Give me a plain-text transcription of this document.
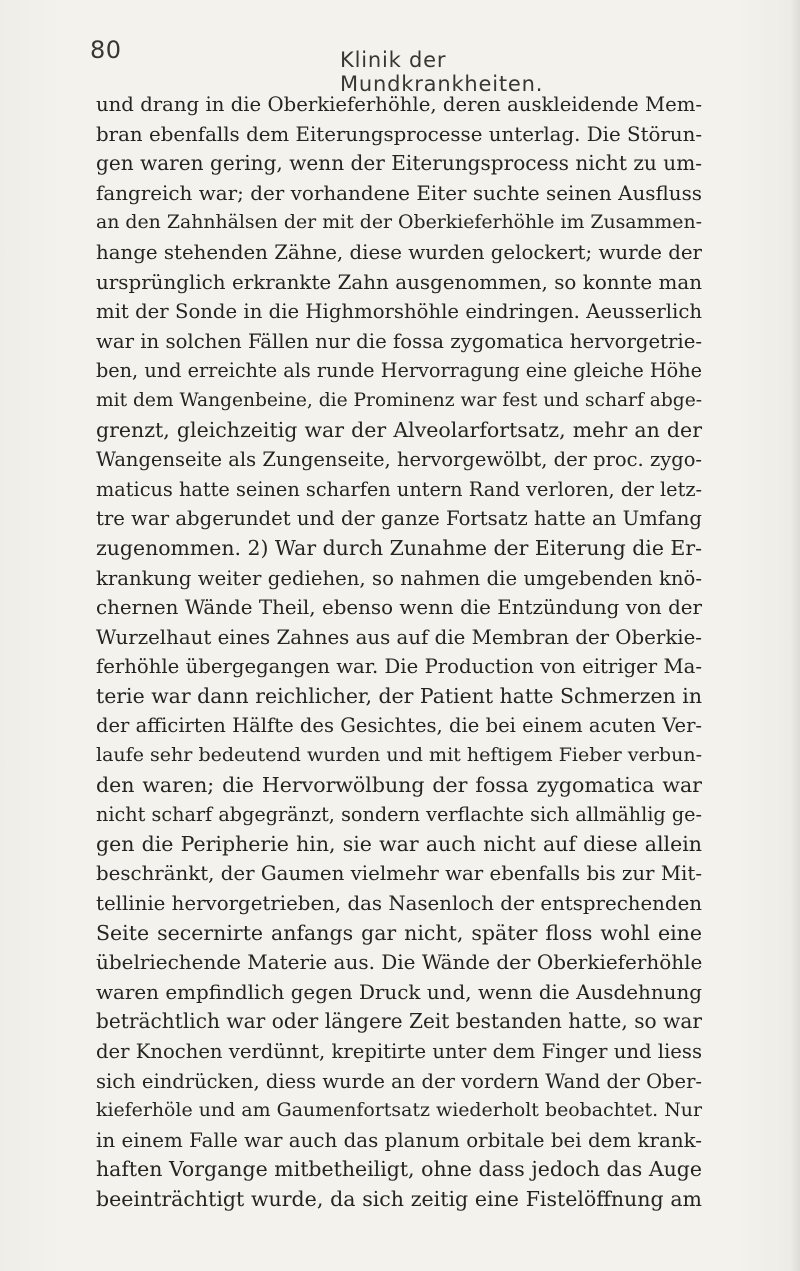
80	Klinik der Mundkrankheiten.
und drang in die Oberkieferhöhle, deren auskleidende Mem-
bran ebenfalls dem Eiterungsprocesse unterlag. Die Störun-
gen waren gering, wenn der Eiterungsprocess nicht zu um-
fangreich war; der vorhandene Eiter suchte seinen Ausfluss
an den Zahnhälsen der mit der Oberkieferhöhle im Zusammen-
hange stehenden Zähne, diese wurden gelockert; wurde der
ursprünglich erkrankte Zahn ausgenommen, so konnte man
mit der Sonde in die Highmorshöhle eindringen. Aeusserlich
war in solchen Fällen nur die fossa zygomatica hervorgetrie-
ben, und erreichte als runde Hervorragung eine gleiche Höhe
mit dem Wangenbeine, die Prominenz war fest und scharf abge-
grenzt, gleichzeitig war der Alveolarfortsatz, mehr an der
Wangenseite als Zungenseite, hervorgewölbt, der proc. zygo-
maticus hatte seinen scharfen untern Rand verloren, der letz-
tre war abgerundet und der ganze Fortsatz hatte an Umfang
zugenommen. 2) War durch Zunahme der Eiterung die Er-
krankung weiter gediehen, so nahmen die umgebenden knö-
chernen Wände Theil, ebenso wenn die Entzündung von der
Wurzelhaut eines Zahnes aus auf die Membran der Oberkie-
ferhöhle übergegangen war. Die Production von eitriger Ma-
terie war dann reichlicher, der Patient hatte Schmerzen in
der afficirten Hälfte des Gesichtes, die bei einem acuten Ver-
laufe sehr bedeutend wurden und mit heftigem Fieber verbun-
den waren; die Hervorwölbung der fossa zygomatica war
nicht scharf abgegränzt, sondern verflachte sich allmählig ge-
gen die Peripherie hin, sie war auch nicht auf diese allein
beschränkt, der Gaumen vielmehr war ebenfalls bis zur Mit-
tellinie hervorgetrieben, das Nasenloch der entsprechenden
Seite secernirte anfangs gar nicht, später floss wohl eine
übelriechende Materie aus. Die Wände der Oberkieferhöhle
waren empfindlich gegen Druck und, wenn die Ausdehnung
beträchtlich war oder längere Zeit bestanden hatte, so war
der Knochen verdünnt, krepitirte unter dem Finger und liess
sich eindrücken, diess wurde an der vordern Wand der Ober-
kieferhöle und am Gaumenfortsatz wiederholt beobachtet. Nur
in einem Falle war auch das planum orbitale bei dem krank-
haften Vorgange mitbetheiligt, ohne dass jedoch das Auge
beeinträchtigt wurde, da sich zeitig eine Fistelöffnung am
